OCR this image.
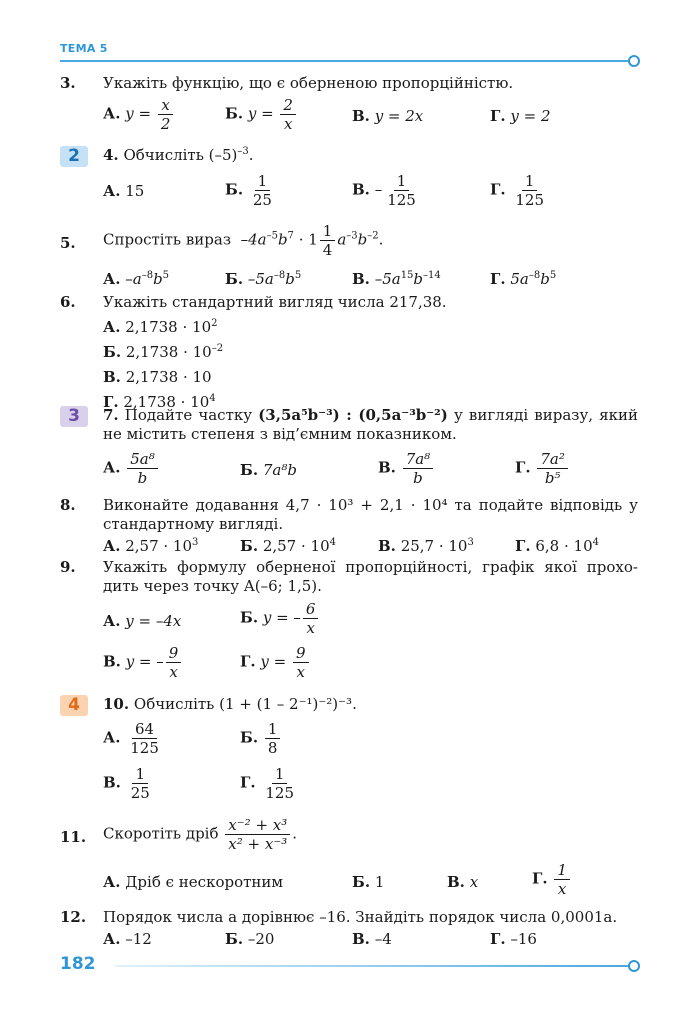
ТЕМА 5
3. Укажіть функцію, що є оберненою пропорційністю.
А. $y = \frac{x}{2}$	Б. $y = \frac{2}{x}$	В. y = 2x	Г. y = 2
2	4. Обчисліть $(-5)^{-3}$.
А. 15	Б. $\frac{1}{25}$	В. – $\frac{1}{125}$	Г. $\frac{1}{125}$
5. Спростіть вираз $-4a^{-5}b^7 \cdot 1 \frac{1}{4} a^{-3}b^{-2}$.
А. $-a^{-8}b^5$	Б. $-5a^{-8}b^5$	В. $-5a^{15}b^{-14}$	Г. $5a^{-8}b^5$
6. Укажіть стандартний вигляд числа 217,38.
А. $2,1738 \cdot 10^2$
Б. $2,1738 \cdot 10^{-2}$
В. 2,1738 · 10
Г. $2,1738 \cdot 10^4$
3	7. Подайте частку (3,5a⁵b⁻³) : (0,5a⁻³b⁻²) у вигляді виразу, який не містить степеня з від’ємним показником.
А. $\frac{\text{5a⁸}}{b}$	Б. 7a⁸b	В. $\frac{\text{7a⁸}}{b}$	Г. $\frac{\text{7a²}}{\text{b⁵}}$
8. Виконайте додавання 4,7 · 10³ + 2,1 · 10⁴ та подайте відповідь у стандартному вигляді.
А. $2,57 \cdot 10^3$	Б. $2,57 \cdot 10^4$	В. $25,7 \cdot 10^3$	Г. $6,8 \cdot 10^4$
9. Укажіть формулу оберненої пропорційності, графік якої проходить через точку A(–6; 1,5).
А. y = –4x	Б. y = – $\frac{6}{x}$
В. y = – $\frac{9}{x}$	Г. $y = \frac{9}{x}$
4	10. Обчисліть (1 + (1 – 2⁻¹)⁻²)⁻³.
А. $\frac{64}{125}$	Б. $\frac{1}{8}$
В. $\frac{1}{25}$	Г. $\frac{1}{125}$
11. Скоротіть дріб $\frac{\text{x⁻² + x³}}{\text{x² + x⁻³}}$ .
А. Дріб є нескоротним	Б. 1	В. x	Г. $\frac{1}{x}$
12. Порядок числа a дорівнює –16. Знайдіть порядок числа 0,0001a.
А. –12	Б. –20	В. –4	Г. –16
182
